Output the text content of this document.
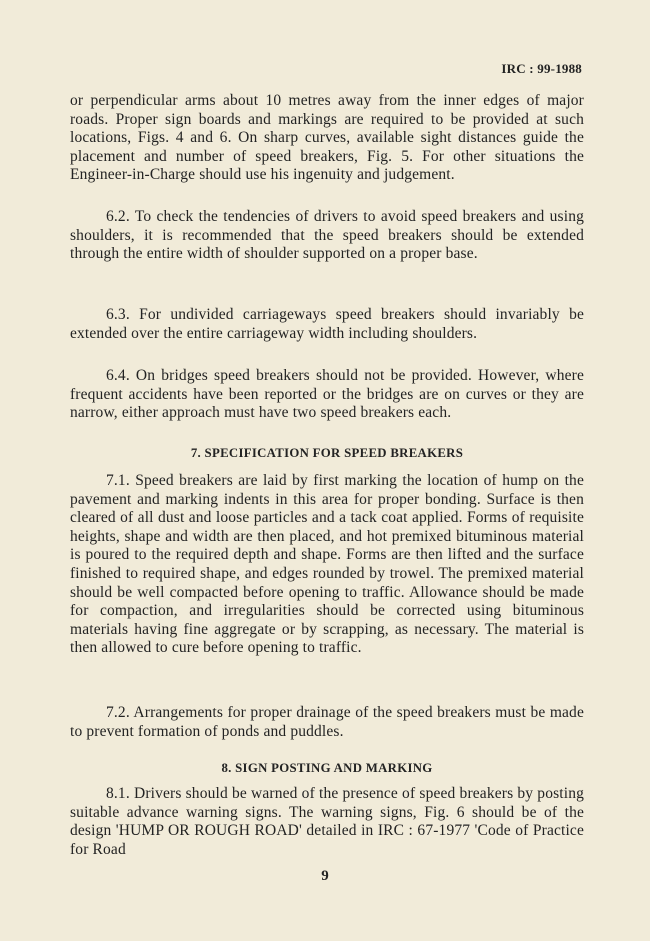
IRC : 99-1988

or perpendicular arms about 10 metres away from the inner edges of major roads. Proper sign boards and markings are required to be provided at such locations, Figs. 4 and 6. On sharp curves, available sight distances guide the placement and number of speed breakers, Fig. 5. For other situations the Engineer-in-Charge should use his ingenuity and judgement.

6.2. To check the tendencies of drivers to avoid speed breakers and using shoulders, it is recommended that the speed breakers should be extended through the entire width of shoulder supported on a proper base.

6.3. For undivided carriageways speed breakers should invariably be extended over the entire carriageway width including shoulders.

6.4. On bridges speed breakers should not be provided. However, where frequent accidents have been reported or the bridges are on curves or they are narrow, either approach must have two speed breakers each.

7. SPECIFICATION FOR SPEED BREAKERS

7.1. Speed breakers are laid by first marking the location of hump on the pavement and marking indents in this area for proper bonding. Surface is then cleared of all dust and loose particles and a tack coat applied. Forms of requisite heights, shape and width are then placed, and hot premixed bituminous material is poured to the required depth and shape. Forms are then lifted and the surface finished to required shape, and edges rounded by trowel. The premixed material should be well compacted before opening to traffic. Allowance should be made for compaction, and irregularities should be corrected using bituminous materials having fine aggregate or by scrapping, as necessary. The material is then allowed to cure before opening to traffic.

7.2. Arrangements for proper drainage of the speed breakers must be made to prevent formation of ponds and puddles.

8. SIGN POSTING AND MARKING

8.1. Drivers should be warned of the presence of speed breakers by posting suitable advance warning signs. The warning signs, Fig. 6 should be of the design 'HUMP OR ROUGH ROAD' detailed in IRC : 67-1977 'Code of Practice for Road

9
